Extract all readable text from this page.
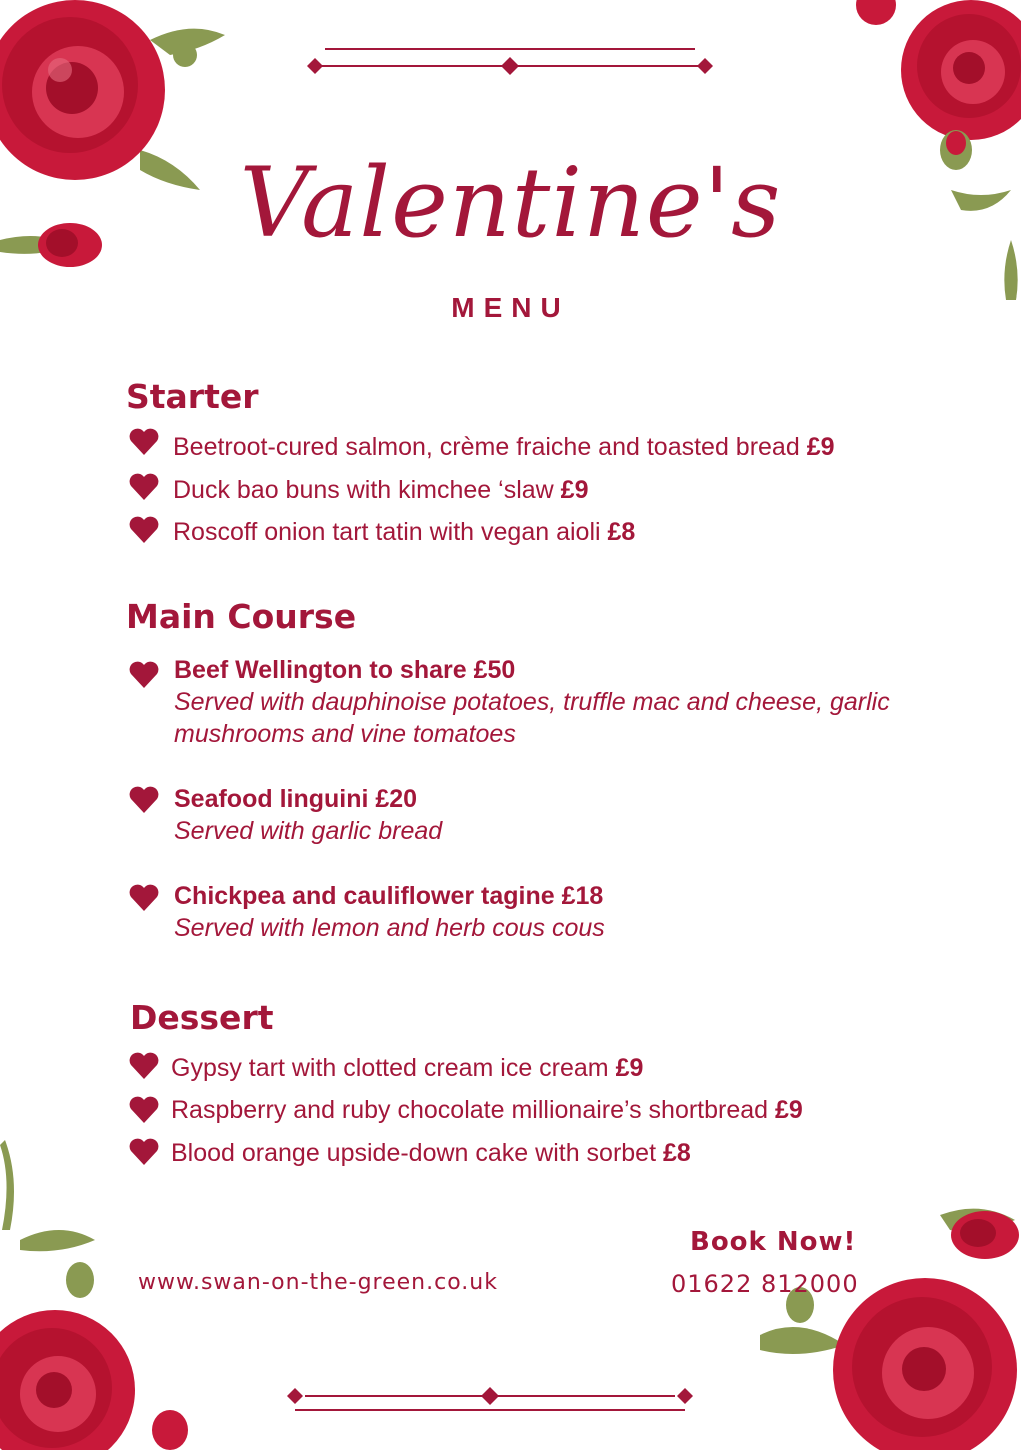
Valentine's
MENU
Starter
Beetroot-cured salmon, crème fraiche and toasted bread £9
Duck bao buns with kimchee ‘slaw £9
Roscoff onion tart tatin with vegan aioli £8
Main Course
Beef Wellington to share £50
Served with dauphinoise potatoes, truffle mac and cheese, garlic mushrooms and vine tomatoes
Seafood linguini £20
Served with garlic bread
Chickpea and cauliflower tagine £18
Served with lemon and herb cous cous
Dessert
Gypsy tart with clotted cream ice cream £9
Raspberry and ruby chocolate millionaire’s shortbread £9
Blood orange upside-down cake with sorbet £8
Book Now!
www.swan-on-the-green.co.uk	01622 812000
